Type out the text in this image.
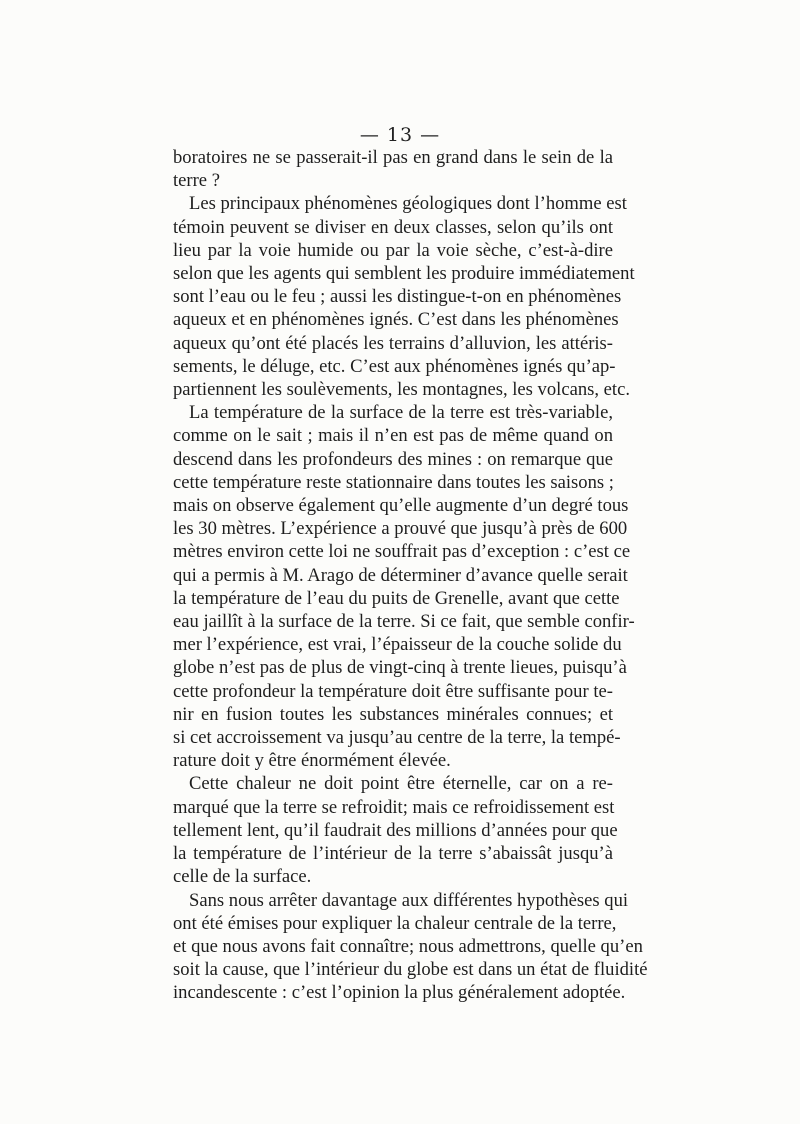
— 13 —

boratoires ne se passerait-il pas en grand dans le sein de la
terre ?

Les principaux phénomènes géologiques dont l’homme est
témoin peuvent se diviser en deux classes, selon qu’ils ont
lieu par la voie humide ou par la voie sèche, c’est-à-dire
selon que les agents qui semblent les produire immédiatement
sont l’eau ou le feu ; aussi les distingue-t-on en phénomènes
aqueux et en phénomènes ignés. C’est dans les phénomènes
aqueux qu’ont été placés les terrains d’alluvion, les attéris-
sements, le déluge, etc. C’est aux phénomènes ignés qu’ap-
partiennent les soulèvements, les montagnes, les volcans, etc.

La température de la surface de la terre est très-variable,
comme on le sait ; mais il n’en est pas de même quand on
descend dans les profondeurs des mines : on remarque que
cette température reste stationnaire dans toutes les saisons ;
mais on observe également qu’elle augmente d’un degré tous
les 30 mètres. L’expérience a prouvé que jusqu’à près de 600
mètres environ cette loi ne souffrait pas d’exception : c’est ce
qui a permis à M. Arago de déterminer d’avance quelle serait
la température de l’eau du puits de Grenelle, avant que cette
eau jaillît à la surface de la terre. Si ce fait, que semble confir-
mer l’expérience, est vrai, l’épaisseur de la couche solide du
globe n’est pas de plus de vingt-cinq à trente lieues, puisqu’à
cette profondeur la température doit être suffisante pour te-
nir en fusion toutes les substances minérales connues; et
si cet accroissement va jusqu’au centre de la terre, la tempé-
rature doit y être énormément élevée.

Cette chaleur ne doit point être éternelle, car on a re-
marqué que la terre se refroidit; mais ce refroidissement est
tellement lent, qu’il faudrait des millions d’années pour que
la température de l’intérieur de la terre s’abaissât jusqu’à
celle de la surface.

Sans nous arrêter davantage aux différentes hypothèses qui
ont été émises pour expliquer la chaleur centrale de la terre,
et que nous avons fait connaître; nous admettrons, quelle qu’en
soit la cause, que l’intérieur du globe est dans un état de fluidité
incandescente : c’est l’opinion la plus généralement adoptée.
